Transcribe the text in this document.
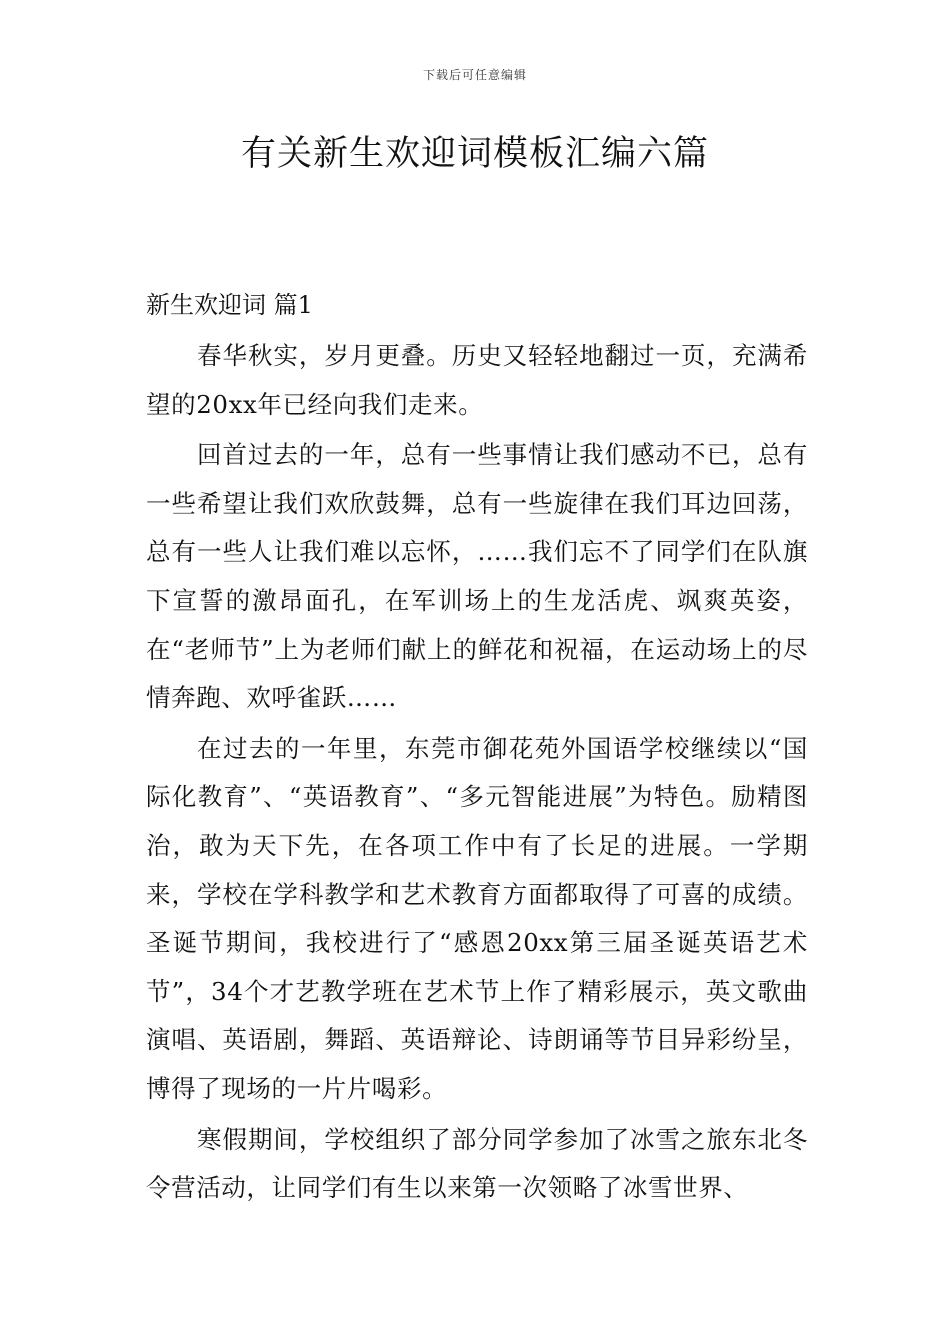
下载后可任意编辑
有关新生欢迎词模板汇编六篇
新生欢迎词 篇1

春华秋实，岁月更叠。历史又轻轻地翻过一页，充满希望的20xx年已经向我们走来。

回首过去的一年，总有一些事情让我们感动不已，总有一些希望让我们欢欣鼓舞，总有一些旋律在我们耳边回荡，总有一些人让我们难以忘怀，……我们忘不了同学们在队旗下宣誓的激昂面孔，在军训场上的生龙活虎、飒爽英姿，在“老师节”上为老师们献上的鲜花和祝福，在运动场上的尽情奔跑、欢呼雀跃……

在过去的一年里，东莞市御花苑外国语学校继续以“国际化教育”、“英语教育”、“多元智能进展”为特色。励精图治，敢为天下先，在各项工作中有了长足的进展。一学期来，学校在学科教学和艺术教育方面都取得了可喜的成绩。圣诞节期间，我校进行了“感恩20xx第三届圣诞英语艺术节”，34个才艺教学班在艺术节上作了精彩展示，英文歌曲演唱、英语剧，舞蹈、英语辩论、诗朗诵等节目异彩纷呈，博得了现场的一片片喝彩。

寒假期间，学校组织了部分同学参加了冰雪之旅东北冬令营活动，让同学们有生以来第一次领略了冰雪世界、
